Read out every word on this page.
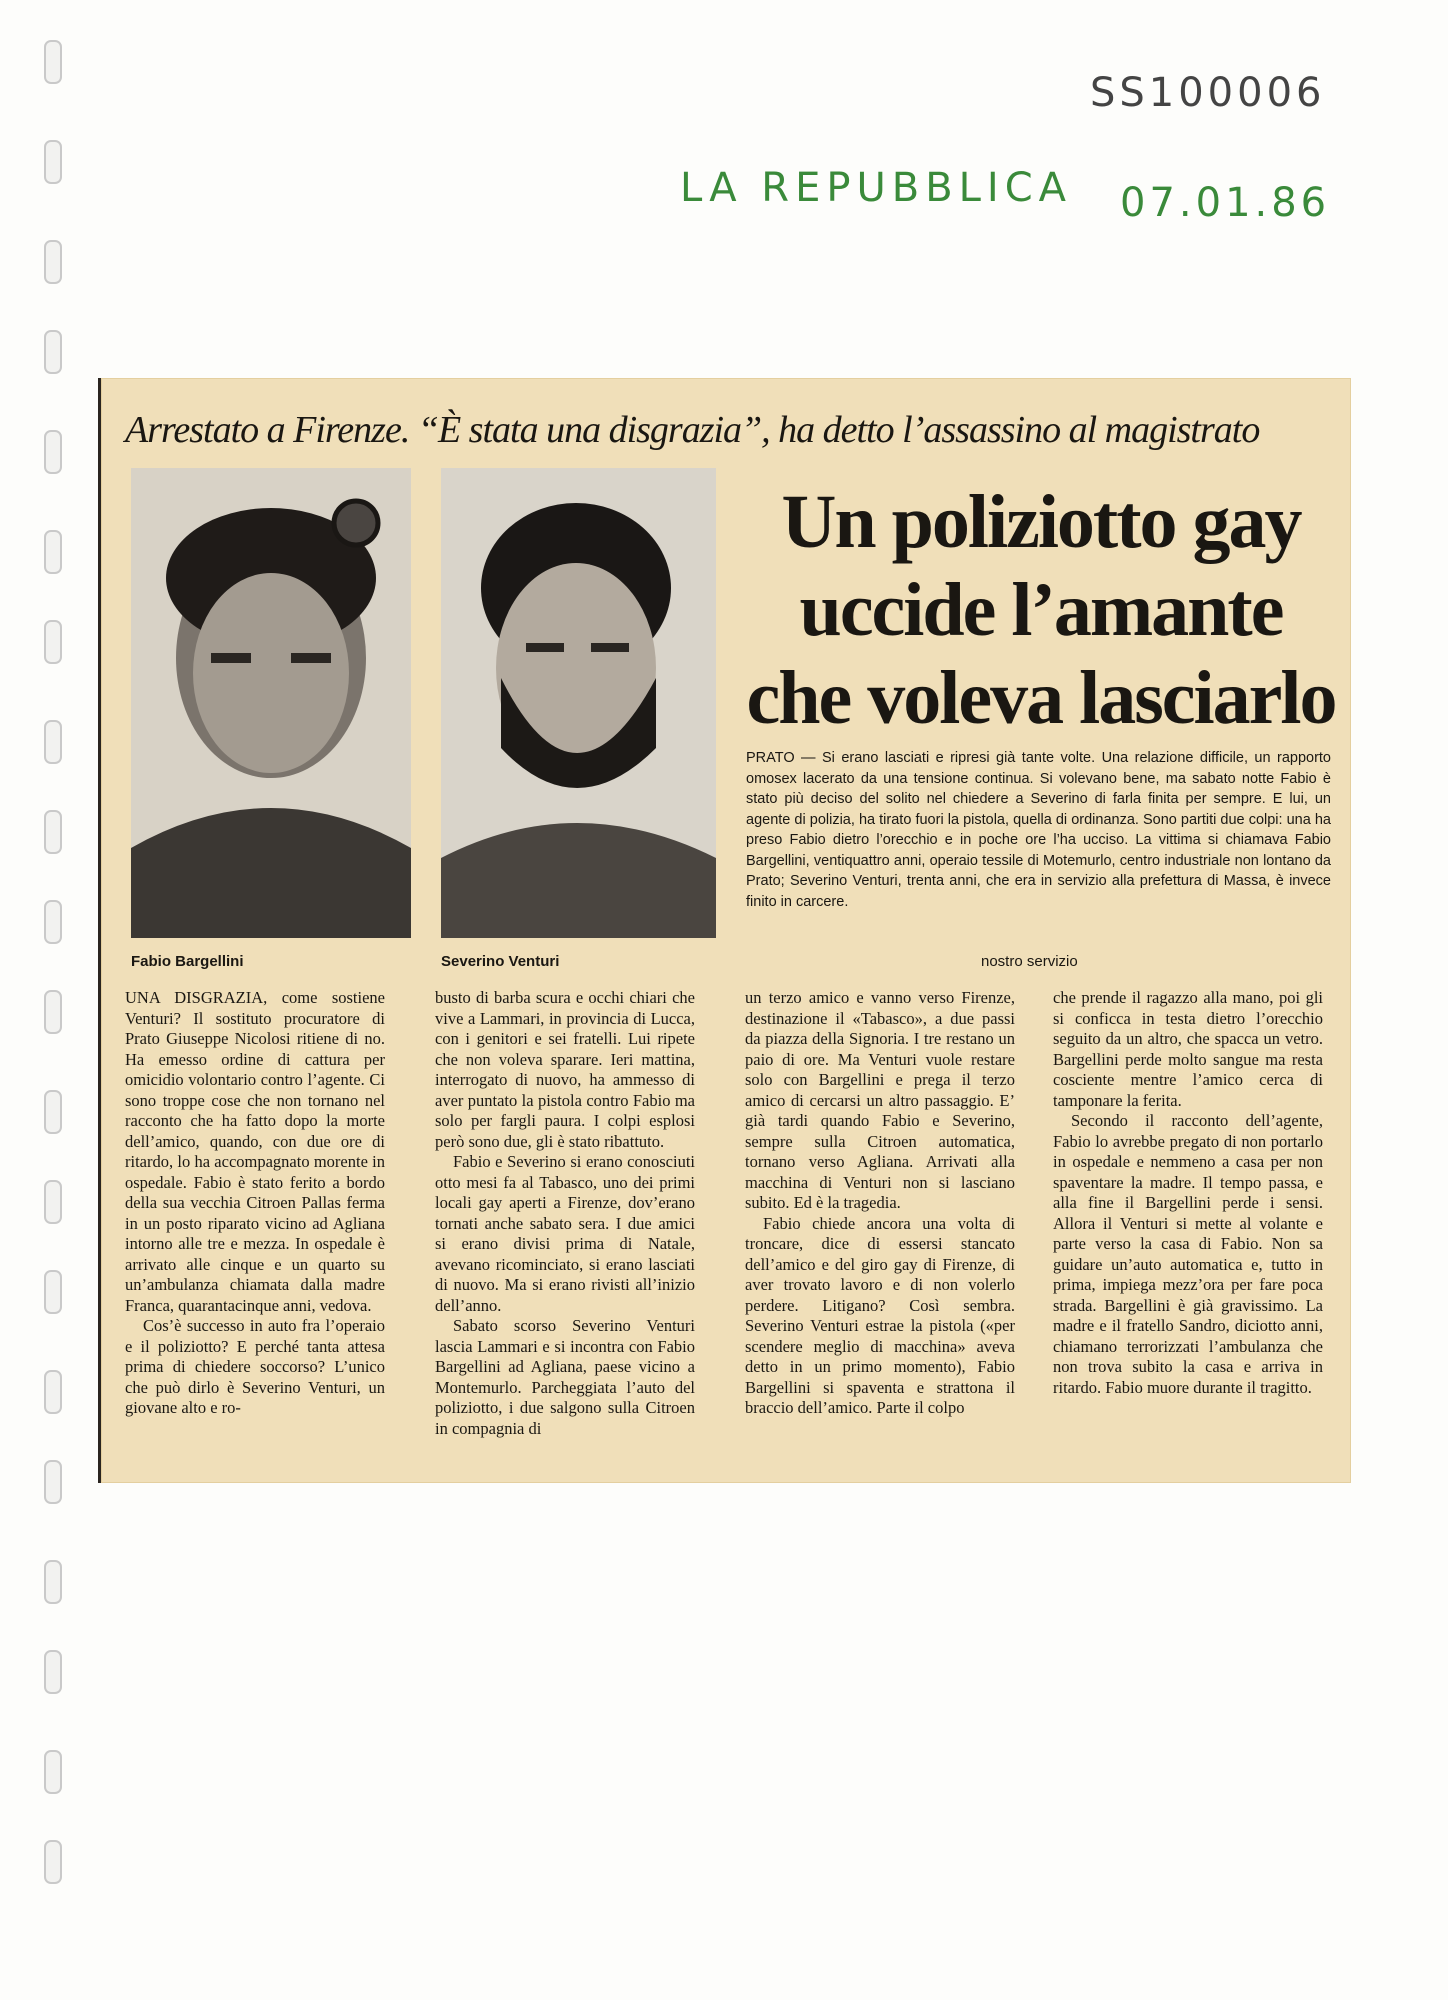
SS100006
LA REPUBBLICA 07.01.86
Arrestato a Firenze. “È stata una disgrazia”, ha detto l’assassino al magistrato
Fabio Bargellini	Severino Venturi
Un poliziotto gay
uccide l’amante
che voleva lasciarlo
PRATO — Si erano lasciati e ripresi già tante volte. Una relazione difficile, un rapporto omosex lacerato da una tensione continua. Si volevano bene, ma sabato notte Fabio è stato più deciso del solito nel chiedere a Severino di farla finita per sempre. E lui, un agente di polizia, ha tirato fuori la pistola, quella di ordinanza. Sono partiti due colpi: una ha preso Fabio dietro l’orecchio e in poche ore l’ha ucciso. La vittima si chiamava Fabio Bargellini, ventiquattro anni, operaio tessile di Motemurlo, centro industriale non lontano da Prato; Severino Venturi, trenta anni, che era in servizio alla prefettura di Massa, è invece finito in carcere.
nostro servizio

UNA DISGRAZIA, come sostiene Venturi? Il sostituto procuratore di Prato Giuseppe Nicolosi ritiene di no. Ha emesso ordine di cattura per omicidio volontario contro l’agente. Ci sono troppe cose che non tornano nel racconto che ha fatto dopo la morte dell’amico, quando, con due ore di ritardo, lo ha accompagnato morente in ospedale. Fabio è stato ferito a bordo della sua vecchia Citroen Pallas ferma in un posto riparato vicino ad Agliana intorno alle tre e mezza. In ospedale è arrivato alle cinque e un quarto su un’ambulanza chiamata dalla madre Franca, quarantacinque anni, vedova.

Cos’è successo in auto fra l’operaio e il poliziotto? E perché tanta attesa prima di chiedere soccorso? L’unico che può dirlo è Severino Venturi, un giovane alto e ro-

busto di barba scura e occhi chiari che vive a Lammari, in provincia di Lucca, con i genitori e sei fratelli. Lui ripete che non voleva sparare. Ieri mattina, interrogato di nuovo, ha ammesso di aver puntato la pistola contro Fabio ma solo per fargli paura. I colpi esplosi però sono due, gli è stato ribattuto.

Fabio e Severino si erano conosciuti otto mesi fa al Tabasco, uno dei primi locali gay aperti a Firenze, dov’erano tornati anche sabato sera. I due amici si erano divisi prima di Natale, avevano ricominciato, si erano lasciati di nuovo. Ma si erano rivisti all’inizio dell’anno.

Sabato scorso Severino Venturi lascia Lammari e si incontra con Fabio Bargellini ad Agliana, paese vicino a Montemurlo. Parcheggiata l’auto del poliziotto, i due salgono sulla Citroen in compagnia di

un terzo amico e vanno verso Firenze, destinazione il «Tabasco», a due passi da piazza della Signoria. I tre restano un paio di ore. Ma Venturi vuole restare solo con Bargellini e prega il terzo amico di cercarsi un altro passaggio. E’ già tardi quando Fabio e Severino, sempre sulla Citroen automatica, tornano verso Agliana. Arrivati alla macchina di Venturi non si lasciano subito. Ed è la tragedia.

Fabio chiede ancora una volta di troncare, dice di essersi stancato dell’amico e del giro gay di Firenze, di aver trovato lavoro e di non volerlo perdere. Litigano? Così sembra. Severino Venturi estrae la pistola («per scendere meglio di macchina» aveva detto in un primo momento), Fabio Bargellini si spaventa e strattona il braccio dell’amico. Parte il colpo

che prende il ragazzo alla mano, poi gli si conficca in testa dietro l’orecchio seguito da un altro, che spacca un vetro. Bargellini perde molto sangue ma resta cosciente mentre l’amico cerca di tamponare la ferita.

Secondo il racconto dell’agente, Fabio lo avrebbe pregato di non portarlo in ospedale e nemmeno a casa per non spaventare la madre. Il tempo passa, e alla fine il Bargellini perde i sensi. Allora il Venturi si mette al volante e parte verso la casa di Fabio. Non sa guidare un’auto automatica e, tutto in prima, impiega mezz’ora per fare poca strada. Bargellini è già gravissimo. La madre e il fratello Sandro, diciotto anni, chiamano terrorizzati l’ambulanza che non trova subito la casa e arriva in ritardo. Fabio muore durante il tragitto.
